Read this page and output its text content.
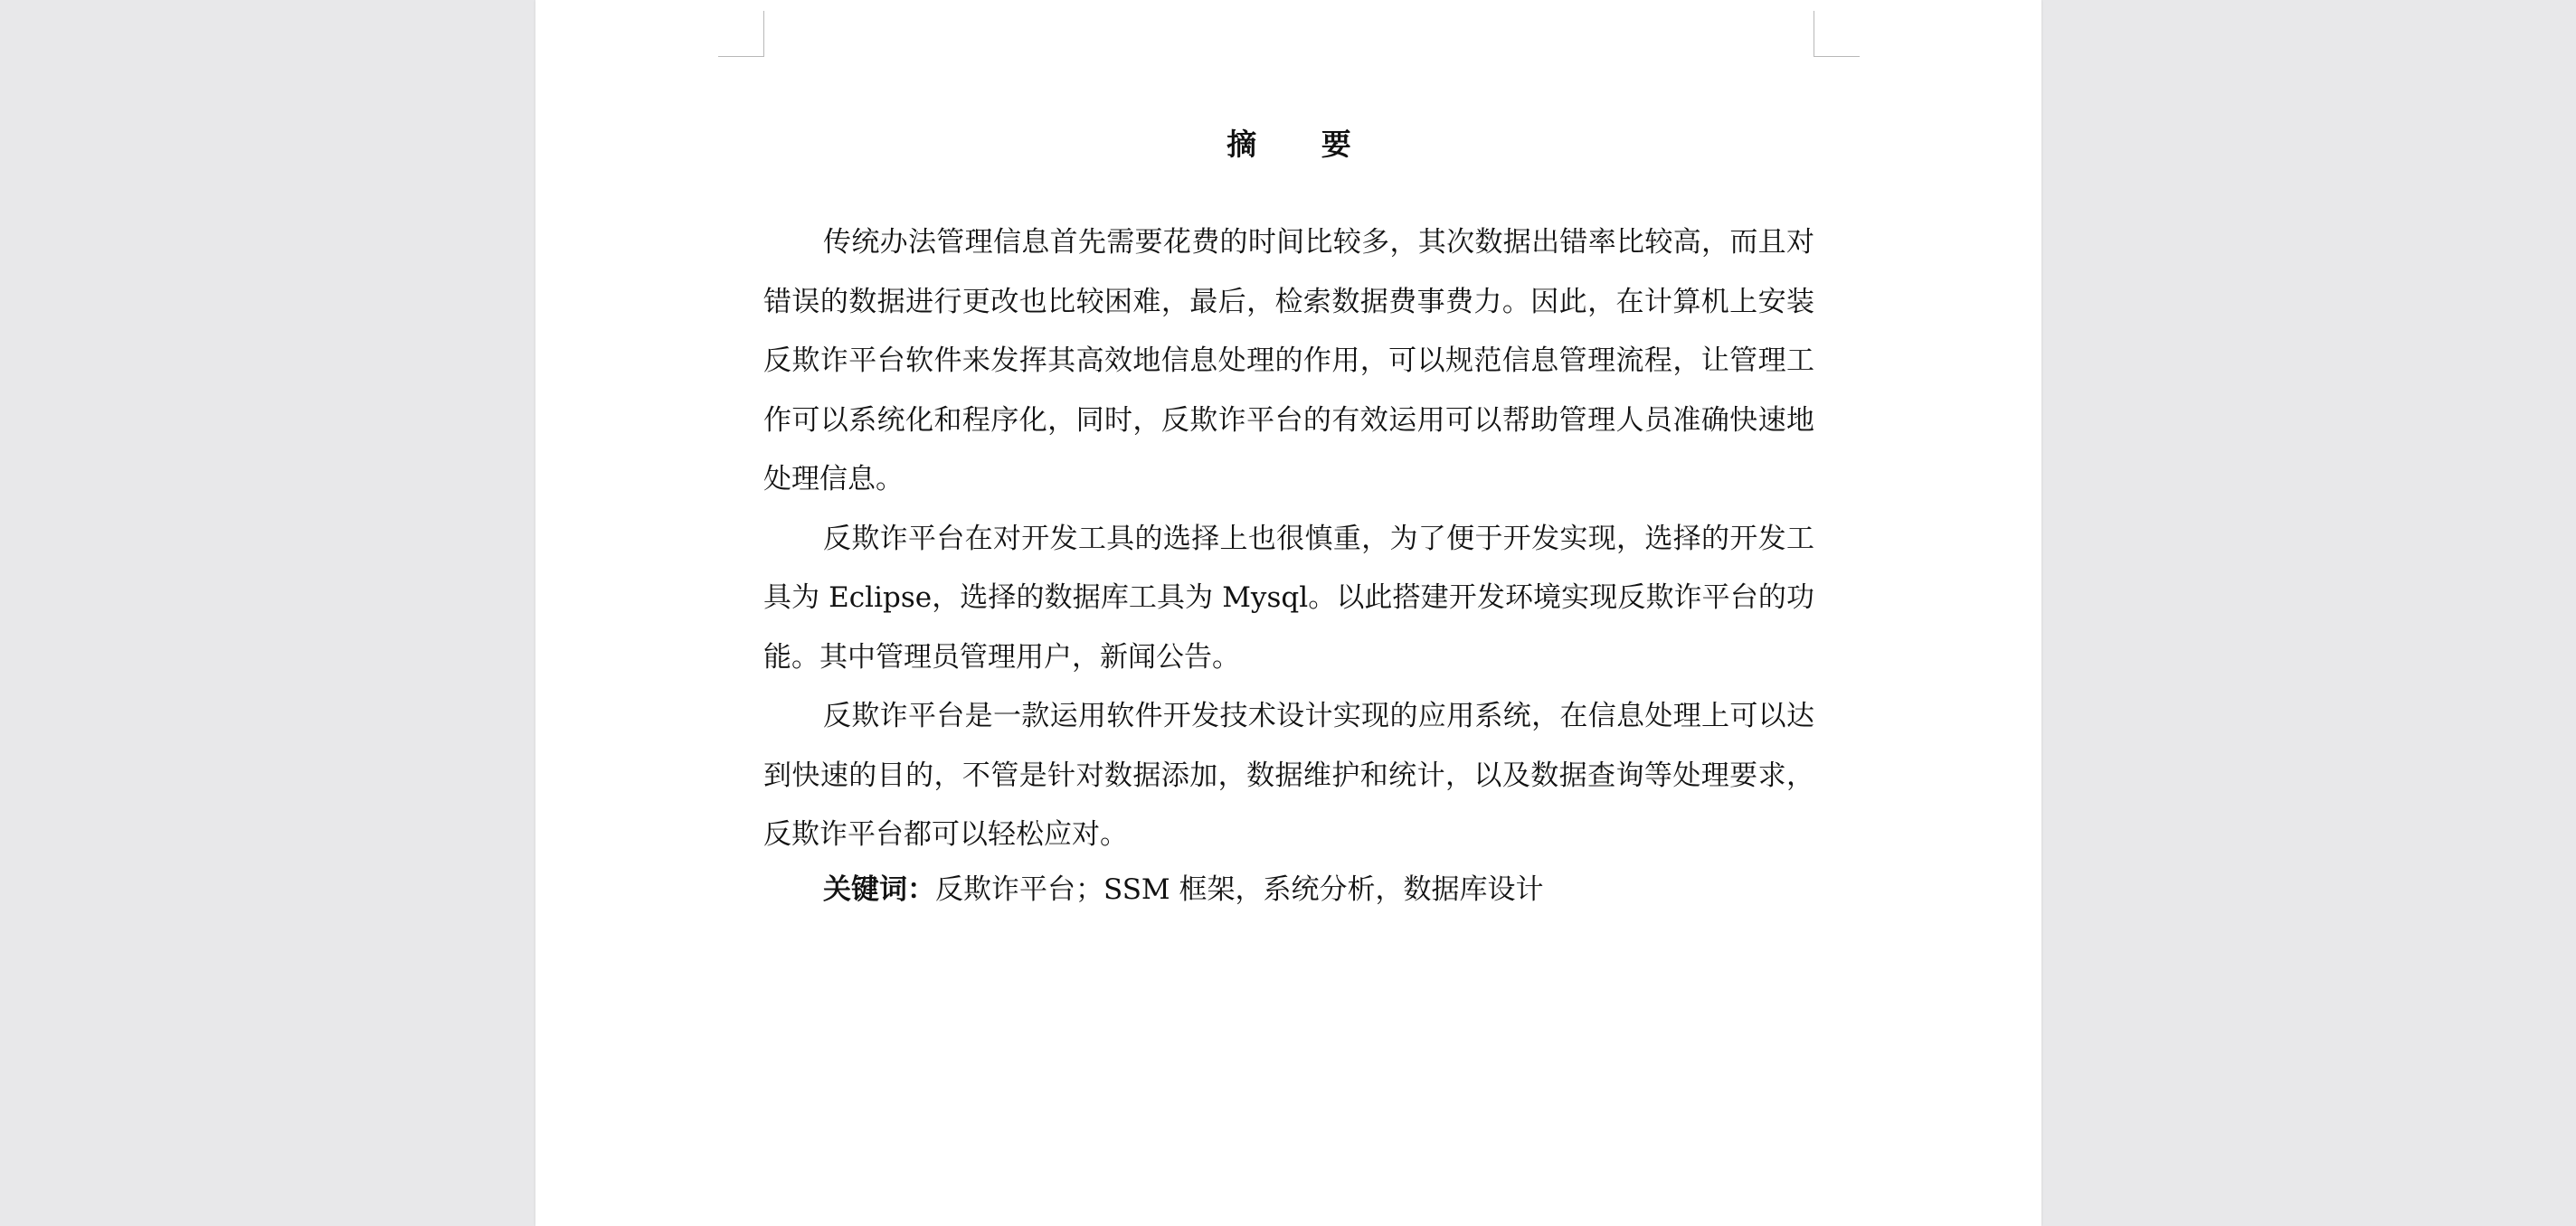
摘 要

传统办法管理信息首先需要花费的时间比较多，其次数据出错率比较高，而且对错误的数据进行更改也比较困难，最后，检索数据费事费力。因此，在计算机上安装反欺诈平台软件来发挥其高效地信息处理的作用，可以规范信息管理流程，让管理工作可以系统化和程序化，同时，反欺诈平台的有效运用可以帮助管理人员准确快速地处理信息。

反欺诈平台在对开发工具的选择上也很慎重，为了便于开发实现，选择的开发工具为 Eclipse，选择的数据库工具为 Mysql。以此搭建开发环境实现反欺诈平台的功能。其中管理员管理用户，新闻公告。

反欺诈平台是一款运用软件开发技术设计实现的应用系统，在信息处理上可以达到快速的目的，不管是针对数据添加，数据维护和统计，以及数据查询等处理要求，反欺诈平台都可以轻松应对。

关键词：反欺诈平台；SSM 框架，系统分析，数据库设计
